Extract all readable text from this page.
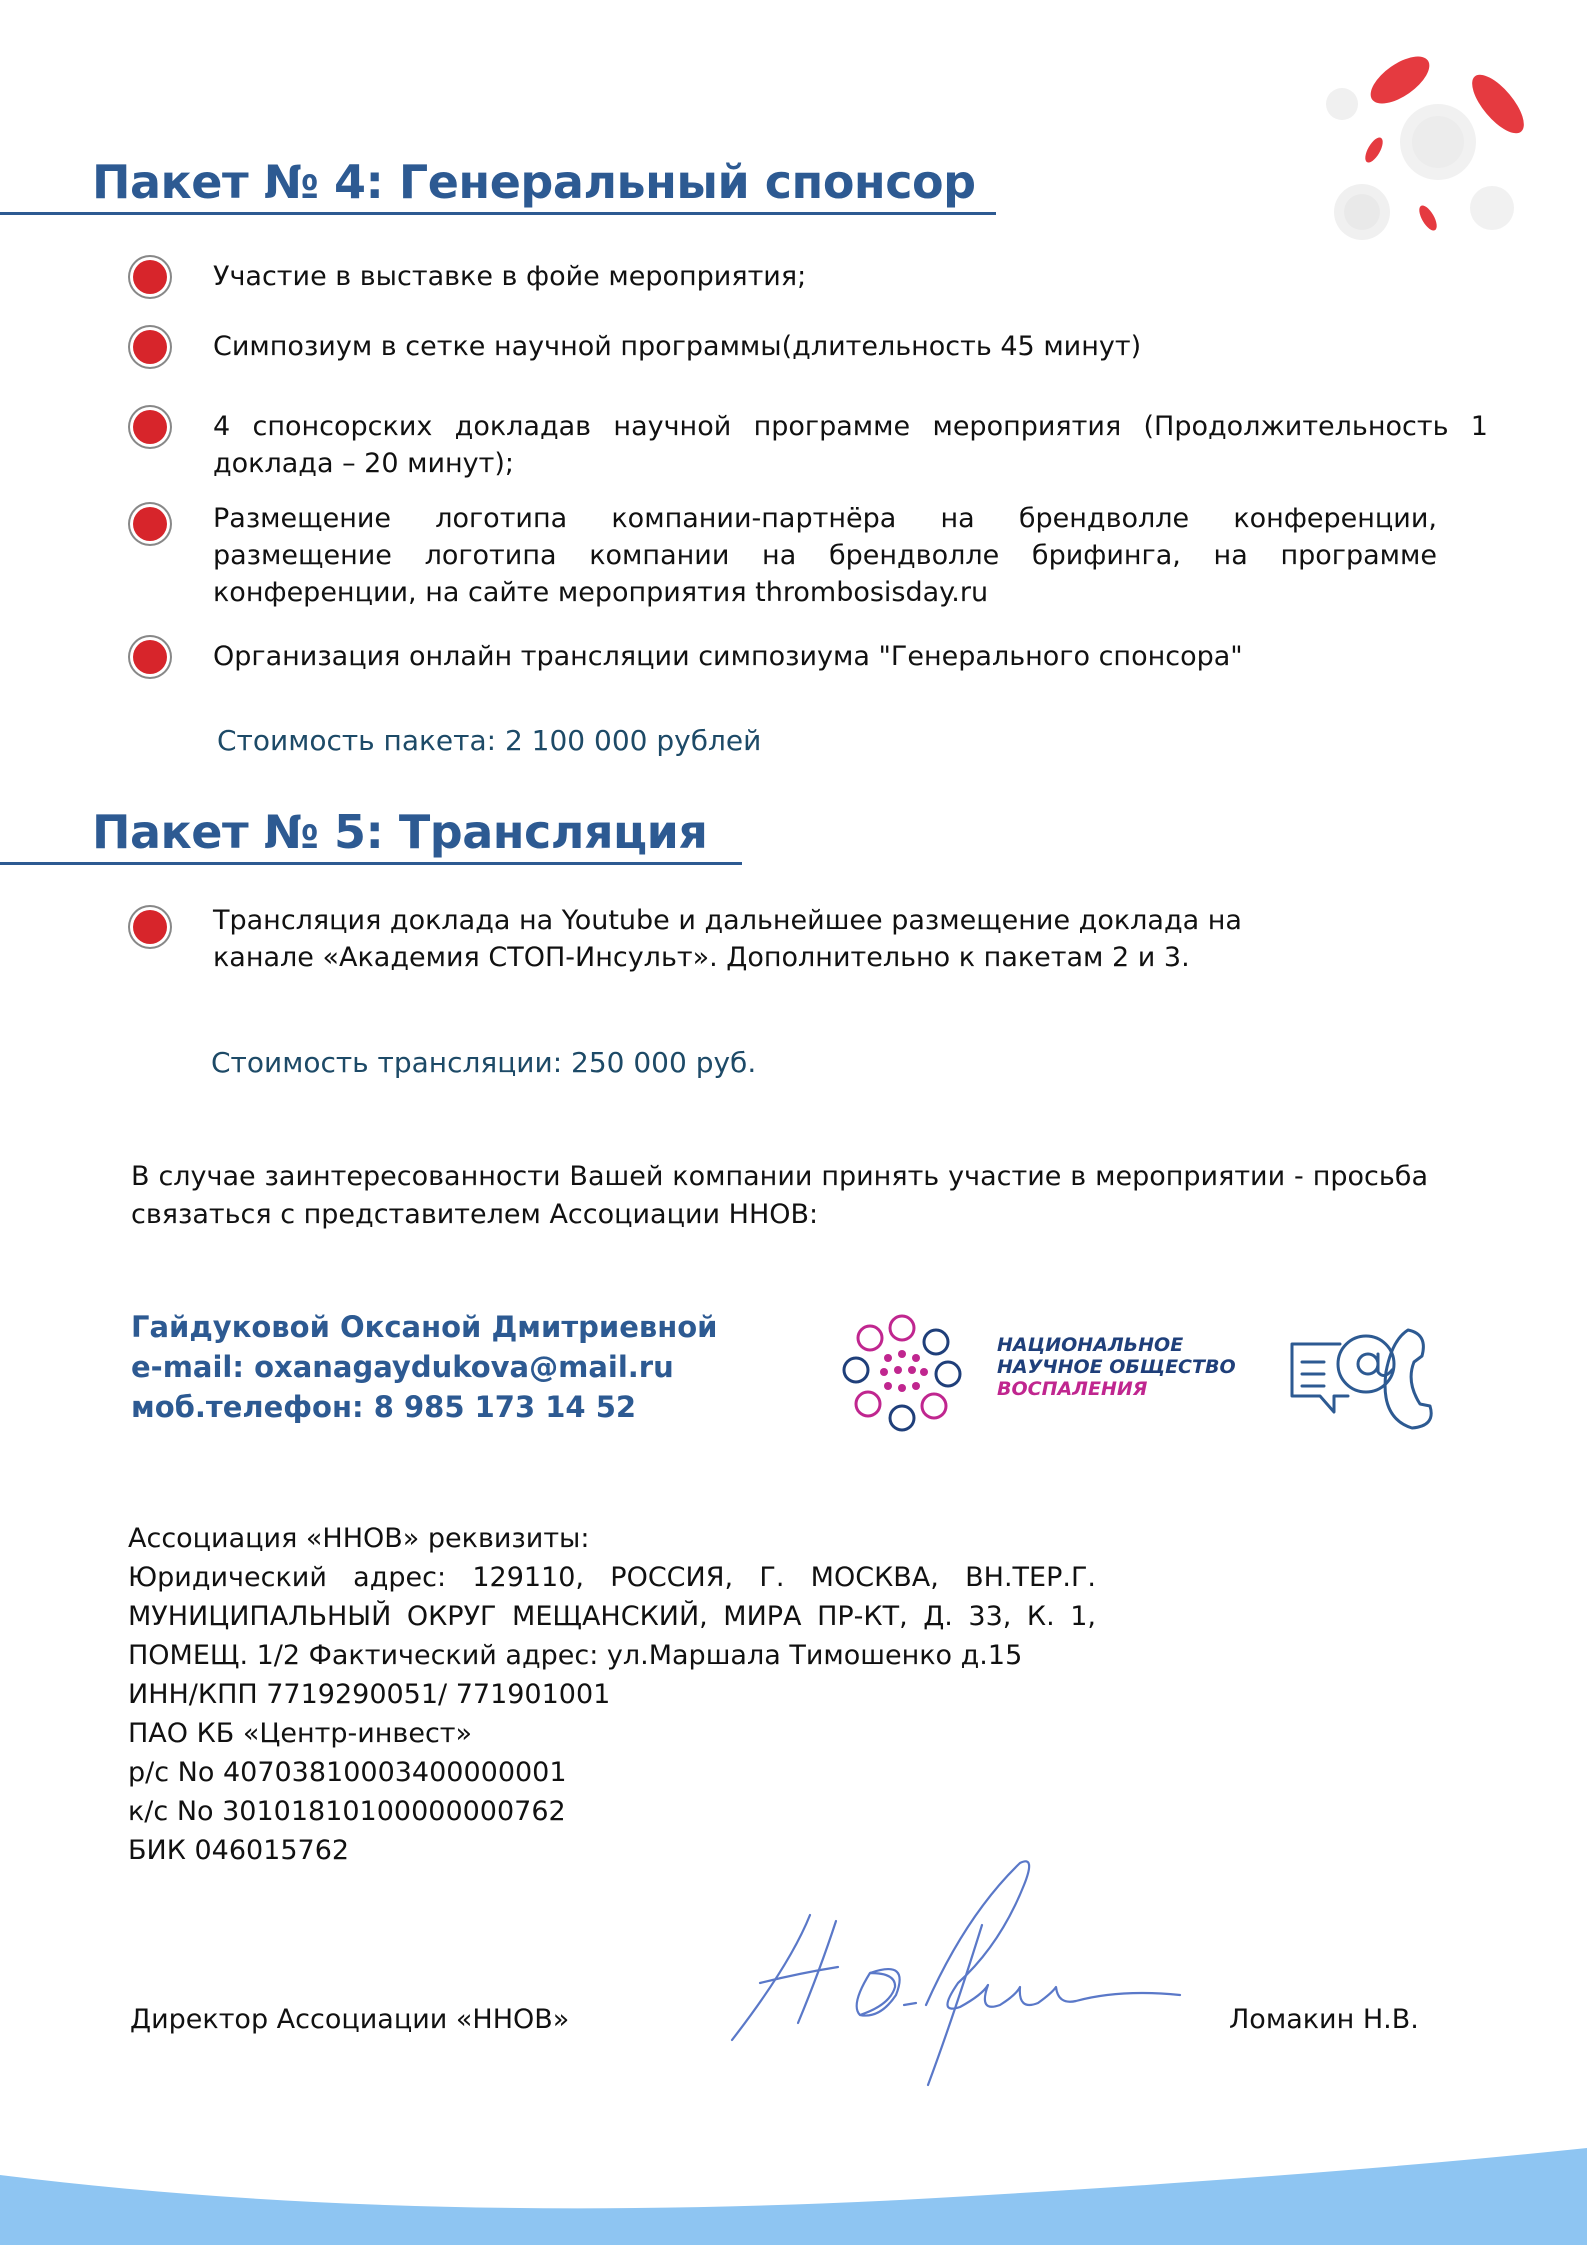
Пакет № 4: Генеральный спонсор
Участие в выставке в фойе мероприятия;
Симпозиум в сетке научной программы(длительность 45 минут)
4 спонсорских докладав научной программе мероприятия (Продолжительность 1 доклада – 20 минут);
Размещение логотипа компании-партнёра на брендволле конференции, размещение логотипа компании на брендволле брифинга, на программе конференции, на сайте мероприятия thrombosisday.ru
Организация онлайн трансляции симпозиума "Генерального спонсора"
Стоимость пакета: 2 100 000 рублей
Пакет № 5: Трансляция
Трансляция доклада на Youtube и дальнейшее размещение доклада на канале «Академия СТОП-Инсульт». Дополнительно к пакетам 2 и 3.
Стоимость трансляции: 250 000 руб.
В случае заинтересованности Вашей компании принять участие в мероприятии - просьба связаться с представителем Ассоциации ННОВ:
Гайдуковой Оксаной Дмитриевной
e-mail: oxanagaydukova@mail.ru
моб.телефон: 8 985 173 14 52
НАЦИОНАЛЬНОЕ
НАУЧНОЕ ОБЩЕСТВО
ВОСПАЛЕНИЯ
Ассоциация «ННОВ» реквизиты:
Юридический адрес: 129110, РОССИЯ, Г. МОСКВА, ВН.ТЕР.Г.
МУНИЦИПАЛЬНЫЙ ОКРУГ МЕЩАНСКИЙ, МИРА ПР-КТ, Д. 33, К. 1,
ПОМЕЩ. 1/2 Фактический адрес: ул.Маршала Тимошенко д.15
ИНН/КПП 7719290051/ 771901001
ПАО КБ «Центр-инвест»
р/с No 40703810003400000001
к/с No 30101810100000000762
БИК 046015762
Директор Ассоциации «ННОВ»	Ломакин Н.В.
